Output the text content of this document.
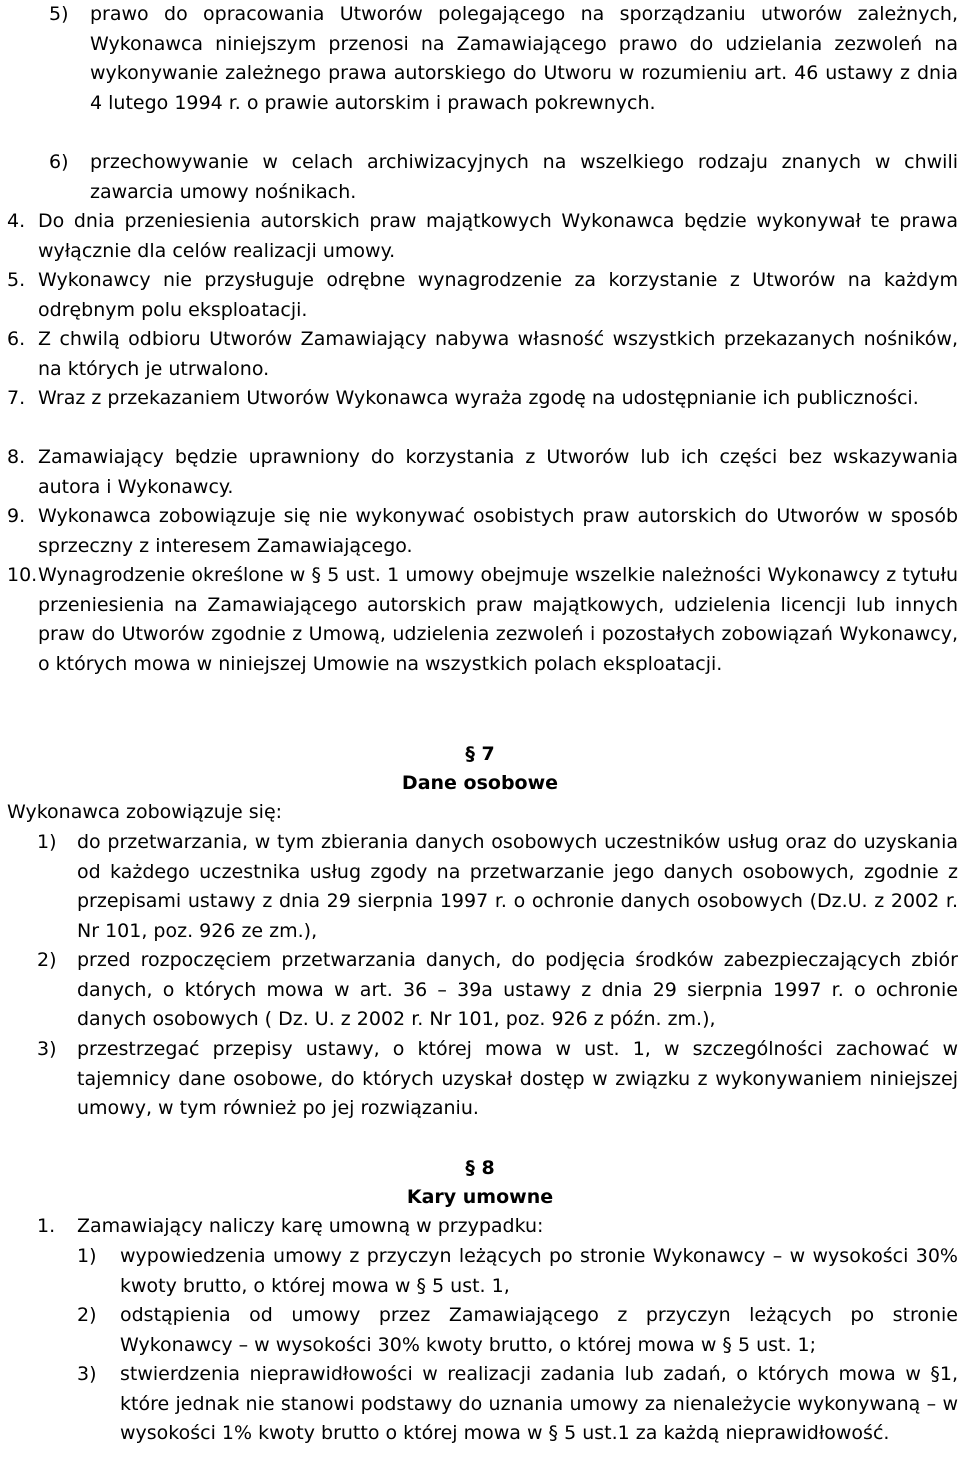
5) prawo do opracowania Utworów polegającego na sporządzaniu utworów zależnych, Wykonawca niniejszym przenosi na Zamawiającego prawo do udzielania zezwoleń na wykonywanie zależnego prawa autorskiego do Utworu w rozumieniu art. 46 ustawy z dnia 4 lutego 1994 r. o prawie autorskim i prawach pokrewnych.
6) przechowywanie w celach archiwizacyjnych na wszelkiego rodzaju znanych w chwili zawarcia umowy nośnikach.
4. Do dnia przeniesienia autorskich praw majątkowych Wykonawca będzie wykonywał te prawa wyłącznie dla celów realizacji umowy.
5. Wykonawcy nie przysługuje odrębne wynagrodzenie za korzystanie z Utworów na każdym odrębnym polu eksploatacji.
6. Z chwilą odbioru Utworów Zamawiający nabywa własność wszystkich przekazanych nośników, na których je utrwalono.
7. Wraz z przekazaniem Utworów Wykonawca wyraża zgodę na udostępnianie ich publiczności.
8. Zamawiający będzie uprawniony do korzystania z Utworów lub ich części bez wskazywania autora i Wykonawcy.
9. Wykonawca zobowiązuje się nie wykonywać osobistych praw autorskich do Utworów w sposób sprzeczny z interesem Zamawiającego.
10. Wynagrodzenie określone w § 5 ust. 1 umowy obejmuje wszelkie należności Wykonawcy z tytułu przeniesienia na Zamawiającego autorskich praw majątkowych, udzielenia licencji lub innych praw do Utworów zgodnie z Umową, udzielenia zezwoleń i pozostałych zobowiązań Wykonawcy, o których mowa w niniejszej Umowie na wszystkich polach eksploatacji.
§ 7
Dane osobowe
Wykonawca zobowiązuje się:
1) do przetwarzania, w tym zbierania danych osobowych uczestników usług oraz do uzyskania od każdego uczestnika usług zgody na przetwarzanie jego danych osobowych, zgodnie z przepisami ustawy z dnia 29 sierpnia 1997 r. o ochronie danych osobowych (Dz.U. z 2002 r. Nr 101, poz. 926 ze zm.),
2) przed rozpoczęciem przetwarzania danych, do podjęcia środków zabezpieczających zbiór danych, o których mowa w art. 36 – 39a ustawy z dnia 29 sierpnia 1997 r. o ochronie danych osobowych ( Dz. U. z 2002 r. Nr 101, poz. 926 z późn. zm.),
3) przestrzegać przepisy ustawy, o której mowa w ust. 1, w szczególności zachować w tajemnicy dane osobowe, do których uzyskał dostęp w związku z wykonywaniem niniejszej umowy, w tym również po jej rozwiązaniu.
§ 8
Kary umowne
1. Zamawiający naliczy karę umowną w przypadku:
1) wypowiedzenia umowy z przyczyn leżących po stronie Wykonawcy – w wysokości 30% kwoty brutto, o której mowa w § 5 ust. 1,
2) odstąpienia od umowy przez Zamawiającego z przyczyn leżących po stronie Wykonawcy – w wysokości 30% kwoty brutto, o której mowa w § 5 ust. 1;
3) stwierdzenia nieprawidłowości w realizacji zadania lub zadań, o których mowa w §1, które jednak nie stanowi podstawy do uznania umowy za nienależycie wykonywaną – w wysokości 1% kwoty brutto o której mowa w § 5 ust.1 za każdą nieprawidłowość.
